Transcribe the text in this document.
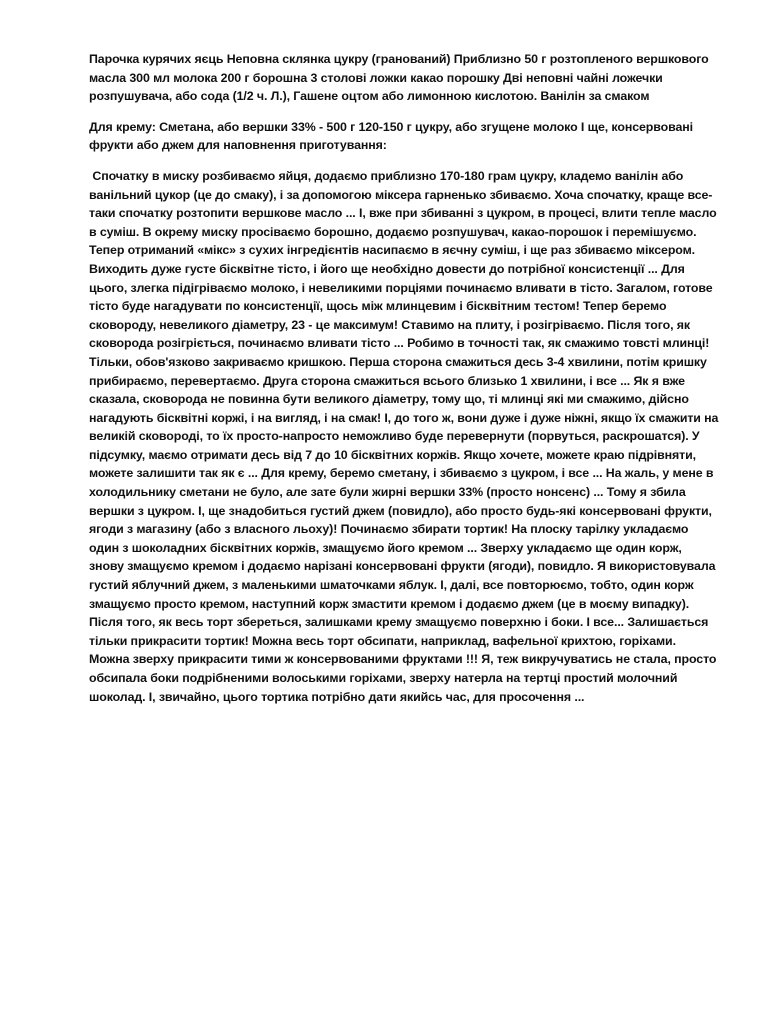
Парочка курячих яєць Неповна склянка цукру (гранований) Приблизно 50 г розтопленого вершкового масла 300 мл молока 200 г борошна 3 столові ложки какао порошку Дві неповні чайні ложечки розпушувача, або сода (1/2 ч. Л.), Гашене оцтом або лимонною кислотою. Ванілін за смаком

Для крему: Сметана, або вершки 33% - 500 г 120-150 г цукру, або згущене молоко І ще, консервовані фрукти або джем для наповнення приготування:

Спочатку в миску розбиваємо яйця, додаємо приблизно 170-180 грам цукру, кладемо ванілін або ванільний цукор (це до смаку), і за допомогою міксера гарненько збиваємо. Хоча спочатку, краще все-таки спочатку розтопити вершкове масло ... І, вже при збиванні з цукром, в процесі, влити тепле масло в суміш. В окрему миску просіваємо борошно, додаємо розпушувач, какао-порошок і перемішуємо. Тепер отриманий «мікс» з сухих інгредієнтів насипаємо в яєчну суміш, і ще раз збиваємо міксером. Виходить дуже густе бісквітне тісто, і його ще необхідно довести до потрібної консистенції ... Для цього, злегка підігріваємо молоко, і невеликими порціями починаємо вливати в тісто. Загалом, готове тісто буде нагадувати по консистенції, щось між млинцевим і бісквітним тестом! Тепер беремо сковороду, невеликого діаметру, 23 - це максимум! Ставимо на плиту, і розігріваємо. Після того, як сковорода розігріється, починаємо вливати тісто ... Робимо в точності так, як смажимо товсті млинці! Тільки, обов'язково закриваємо кришкою. Перша сторона смажиться десь 3-4 хвилини, потім кришку прибираємо, перевертаємо. Друга сторона смажиться всього близько 1 хвилини, і все ... Як я вже сказала, сковорода не повинна бути великого діаметру, тому що, ті млинці які ми смажимо, дійсно нагадують бісквітні коржі, і на вигляд, і на смак! І, до того ж, вони дуже і дуже ніжні, якщо їх смажити на великій сковороді, то їх просто-напросто неможливо буде перевернути (порвуться, раскрошатся). У підсумку, маємо отримати десь від 7 до 10 бісквітних коржів. Якщо хочете, можете краю підрівняти, можете залишити так як є ... Для крему, беремо сметану, і збиваємо з цукром, і все ... На жаль, у мене в холодильнику сметани не було, але зате були жирні вершки 33% (просто нонсенс) ... Тому я збила вершки з цукром. І, ще знадобиться густий джем (повидло), або просто будь-які консервовані фрукти, ягоди з магазину (або з власного льоху)! Починаємо збирати тортик! На плоску тарілку укладаємо один з шоколадних бісквітних коржів, змащуємо його кремом ... Зверху укладаємо ще один корж, знову змащуємо кремом і додаємо нарізані консервовані фрукти (ягоди), повидло. Я використовувала густий яблучний джем, з маленькими шматочками яблук. І, далі, все повторюємо, тобто, один корж змащуємо просто кремом, наступний корж змастити кремом і додаємо джем (це в моєму випадку). Після того, як весь торт збереться, залишками крему змащуємо поверхню і боки. І все... Залишається тільки прикрасити тортик! Можна весь торт обсипати, наприклад, вафельної крихтою, горіхами. Можна зверху прикрасити тими ж консервованими фруктами !!! Я, теж викручуватись не стала, просто обсипала боки подрібненими волоськими горіхами, зверху натерла на тертці простий молочний шоколад. І, звичайно, цього тортика потрібно дати якийсь час, для просочення ...
